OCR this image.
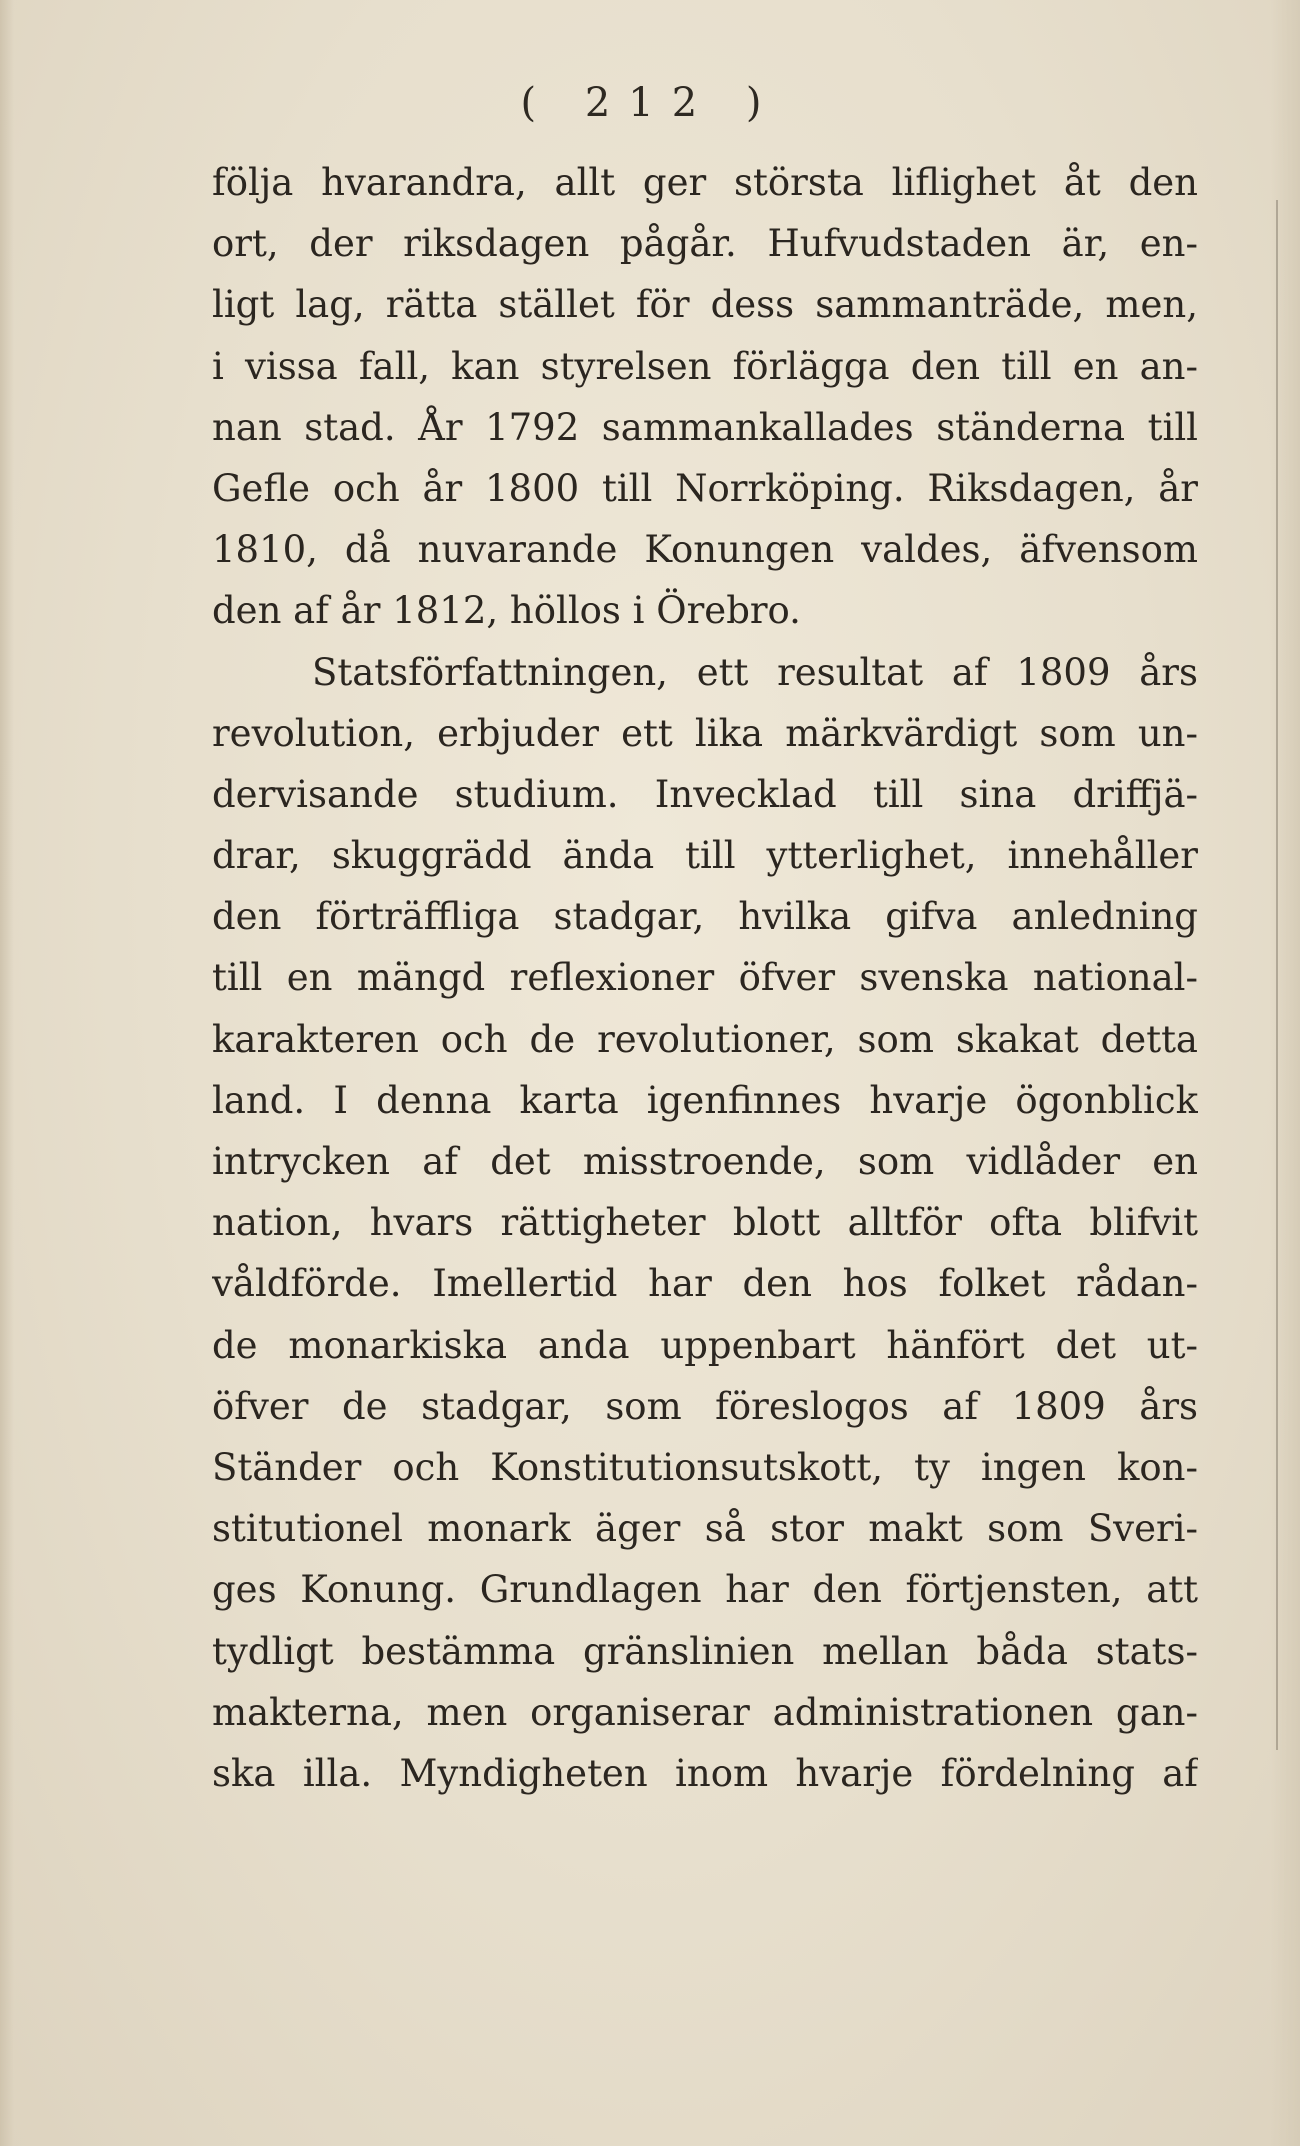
( 212 )
följa hvarandra, allt ger största liflighet åt den
ort, der riksdagen pågår. Hufvudstaden är, en-
ligt lag, rätta stället för dess sammanträde, men,
i vissa fall, kan styrelsen förlägga den till en an-
nan stad. År 1792 sammankallades ständerna till
Gefle och år 1800 till Norrköping. Riksdagen, år
1810, då nuvarande Konungen valdes, äfvensom
den af år 1812, höllos i Örebro.
Statsförfattningen, ett resultat af 1809 års
revolution, erbjuder ett lika märkvärdigt som un-
dervisande studium. Invecklad till sina driffjä-
drar, skuggrädd ända till ytterlighet, innehåller
den förträffliga stadgar, hvilka gifva anledning
till en mängd reflexioner öfver svenska national-
karakteren och de revolutioner, som skakat detta
land. I denna karta igenfinnes hvarje ögonblick
intrycken af det misstroende, som vidlåder en
nation, hvars rättigheter blott alltför ofta blifvit
våldförde. Imellertid har den hos folket rådan-
de monarkiska anda uppenbart hänfört det ut-
öfver de stadgar, som föreslogos af 1809 års
Ständer och Konstitutionsutskott, ty ingen kon-
stitutionel monark äger så stor makt som Sveri-
ges Konung. Grundlagen har den förtjensten, att
tydligt bestämma gränslinien mellan båda stats-
makterna, men organiserar administrationen gan-
ska illa. Myndigheten inom hvarje fördelning af
